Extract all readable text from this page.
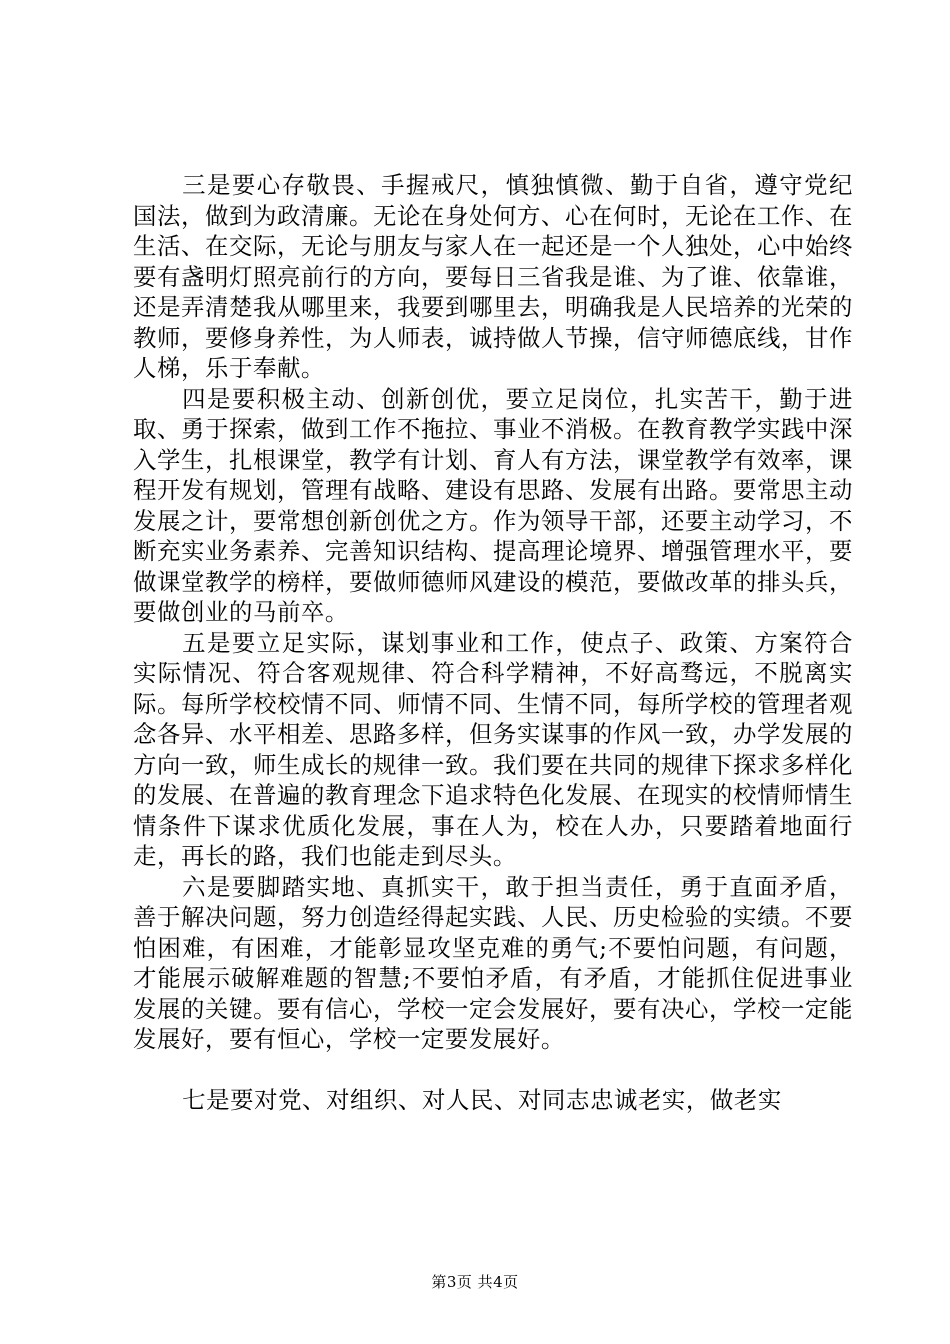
三是要心存敬畏、手握戒尺，慎独慎微、勤于自省，遵守党纪国法，做到为政清廉。无论在身处何方、心在何时，无论在工作、在生活、在交际，无论与朋友与家人在一起还是一个人独处，心中始终要有盏明灯照亮前行的方向，要每日三省我是谁、为了谁、依靠谁，还是弄清楚我从哪里来，我要到哪里去，明确我是人民培养的光荣的教师，要修身养性，为人师表，诚持做人节操，信守师德底线，甘作人梯，乐于奉献。

四是要积极主动、创新创优，要立足岗位，扎实苦干，勤于进取、勇于探索，做到工作不拖拉、事业不消极。在教育教学实践中深入学生，扎根课堂，教学有计划、育人有方法，课堂教学有效率，课程开发有规划，管理有战略、建设有思路、发展有出路。要常思主动发展之计，要常想创新创优之方。作为领导干部，还要主动学习，不断充实业务素养、完善知识结构、提高理论境界、增强管理水平，要做课堂教学的榜样，要做师德师风建设的模范，要做改革的排头兵，要做创业的马前卒。

五是要立足实际，谋划事业和工作，使点子、政策、方案符合实际情况、符合客观规律、符合科学精神，不好高骛远，不脱离实际。每所学校校情不同、师情不同、生情不同，每所学校的管理者观念各异、水平相差、思路多样，但务实谋事的作风一致，办学发展的方向一致，师生成长的规律一致。我们要在共同的规律下探求多样化的发展、在普遍的教育理念下追求特色化发展、在现实的校情师情生情条件下谋求优质化发展，事在人为，校在人办，只要踏着地面行走，再长的路，我们也能走到尽头。

六是要脚踏实地、真抓实干，敢于担当责任，勇于直面矛盾，善于解决问题，努力创造经得起实践、人民、历史检验的实绩。不要怕困难，有困难，才能彰显攻坚克难的勇气;不要怕问题，有问题，才能展示破解难题的智慧;不要怕矛盾，有矛盾，才能抓住促进事业发展的关键。要有信心，学校一定会发展好，要有决心，学校一定能发展好，要有恒心，学校一定要发展好。

七是要对党、对组织、对人民、对同志忠诚老实，做老实

第3页 共4页
